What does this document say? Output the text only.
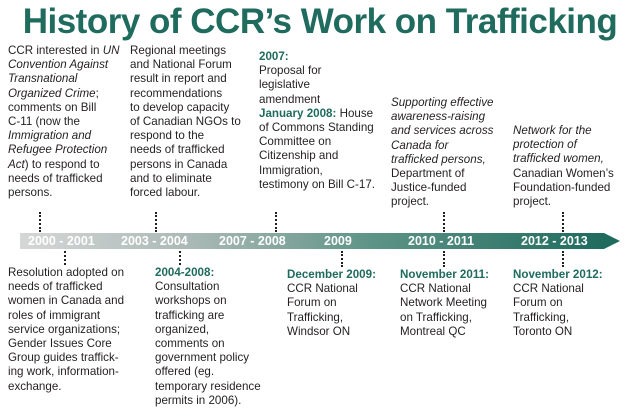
History of CCR’s Work on Trafficking
CCR interested in UN
Convention Against
Transnational
Organized Crime;
comments on Bill
C-11 (now the
Immigration and
Refugee Protection
Act) to respond to
needs of trafficked
persons.
Regional meetings
and National Forum
result in report and
recommendations
to develop capacity
of Canadian NGOs to
respond to the
needs of trafficked
persons in Canada
and to eliminate
forced labour.
2007:
Proposal for
legislative
amendment
January 2008: House
of Commons Standing
Committee on
Citizenship and
Immigration,
testimony on Bill C-17.
Supporting effective
awareness-raising
and services across
Canada for
trafficked persons,
Department of
Justice-funded
project.
Network for the
protection of
trafficked women,
Canadian Women’s
Foundation-funded
project.
2000 - 2001 2003 - 2004	2007 - 2008	2009	2010 - 2011	2012 - 2013
Resolution adopted on
needs of trafficked
women in Canada and
roles of immigrant
service organizations;
Gender Issues Core
Group guides traffick-
ing work, information-
exchange.
2004-2008:
Consultation
workshops on
trafficking are
organized,
comments on
government policy
offered (eg.
temporary residence
permits in 2006).
December 2009:
CCR National
Forum on
Trafficking,
Windsor ON
November 2011:
CCR National
Network Meeting
on Trafficking,
Montreal QC
November 2012:
CCR National
Forum on
Trafficking,
Toronto ON
